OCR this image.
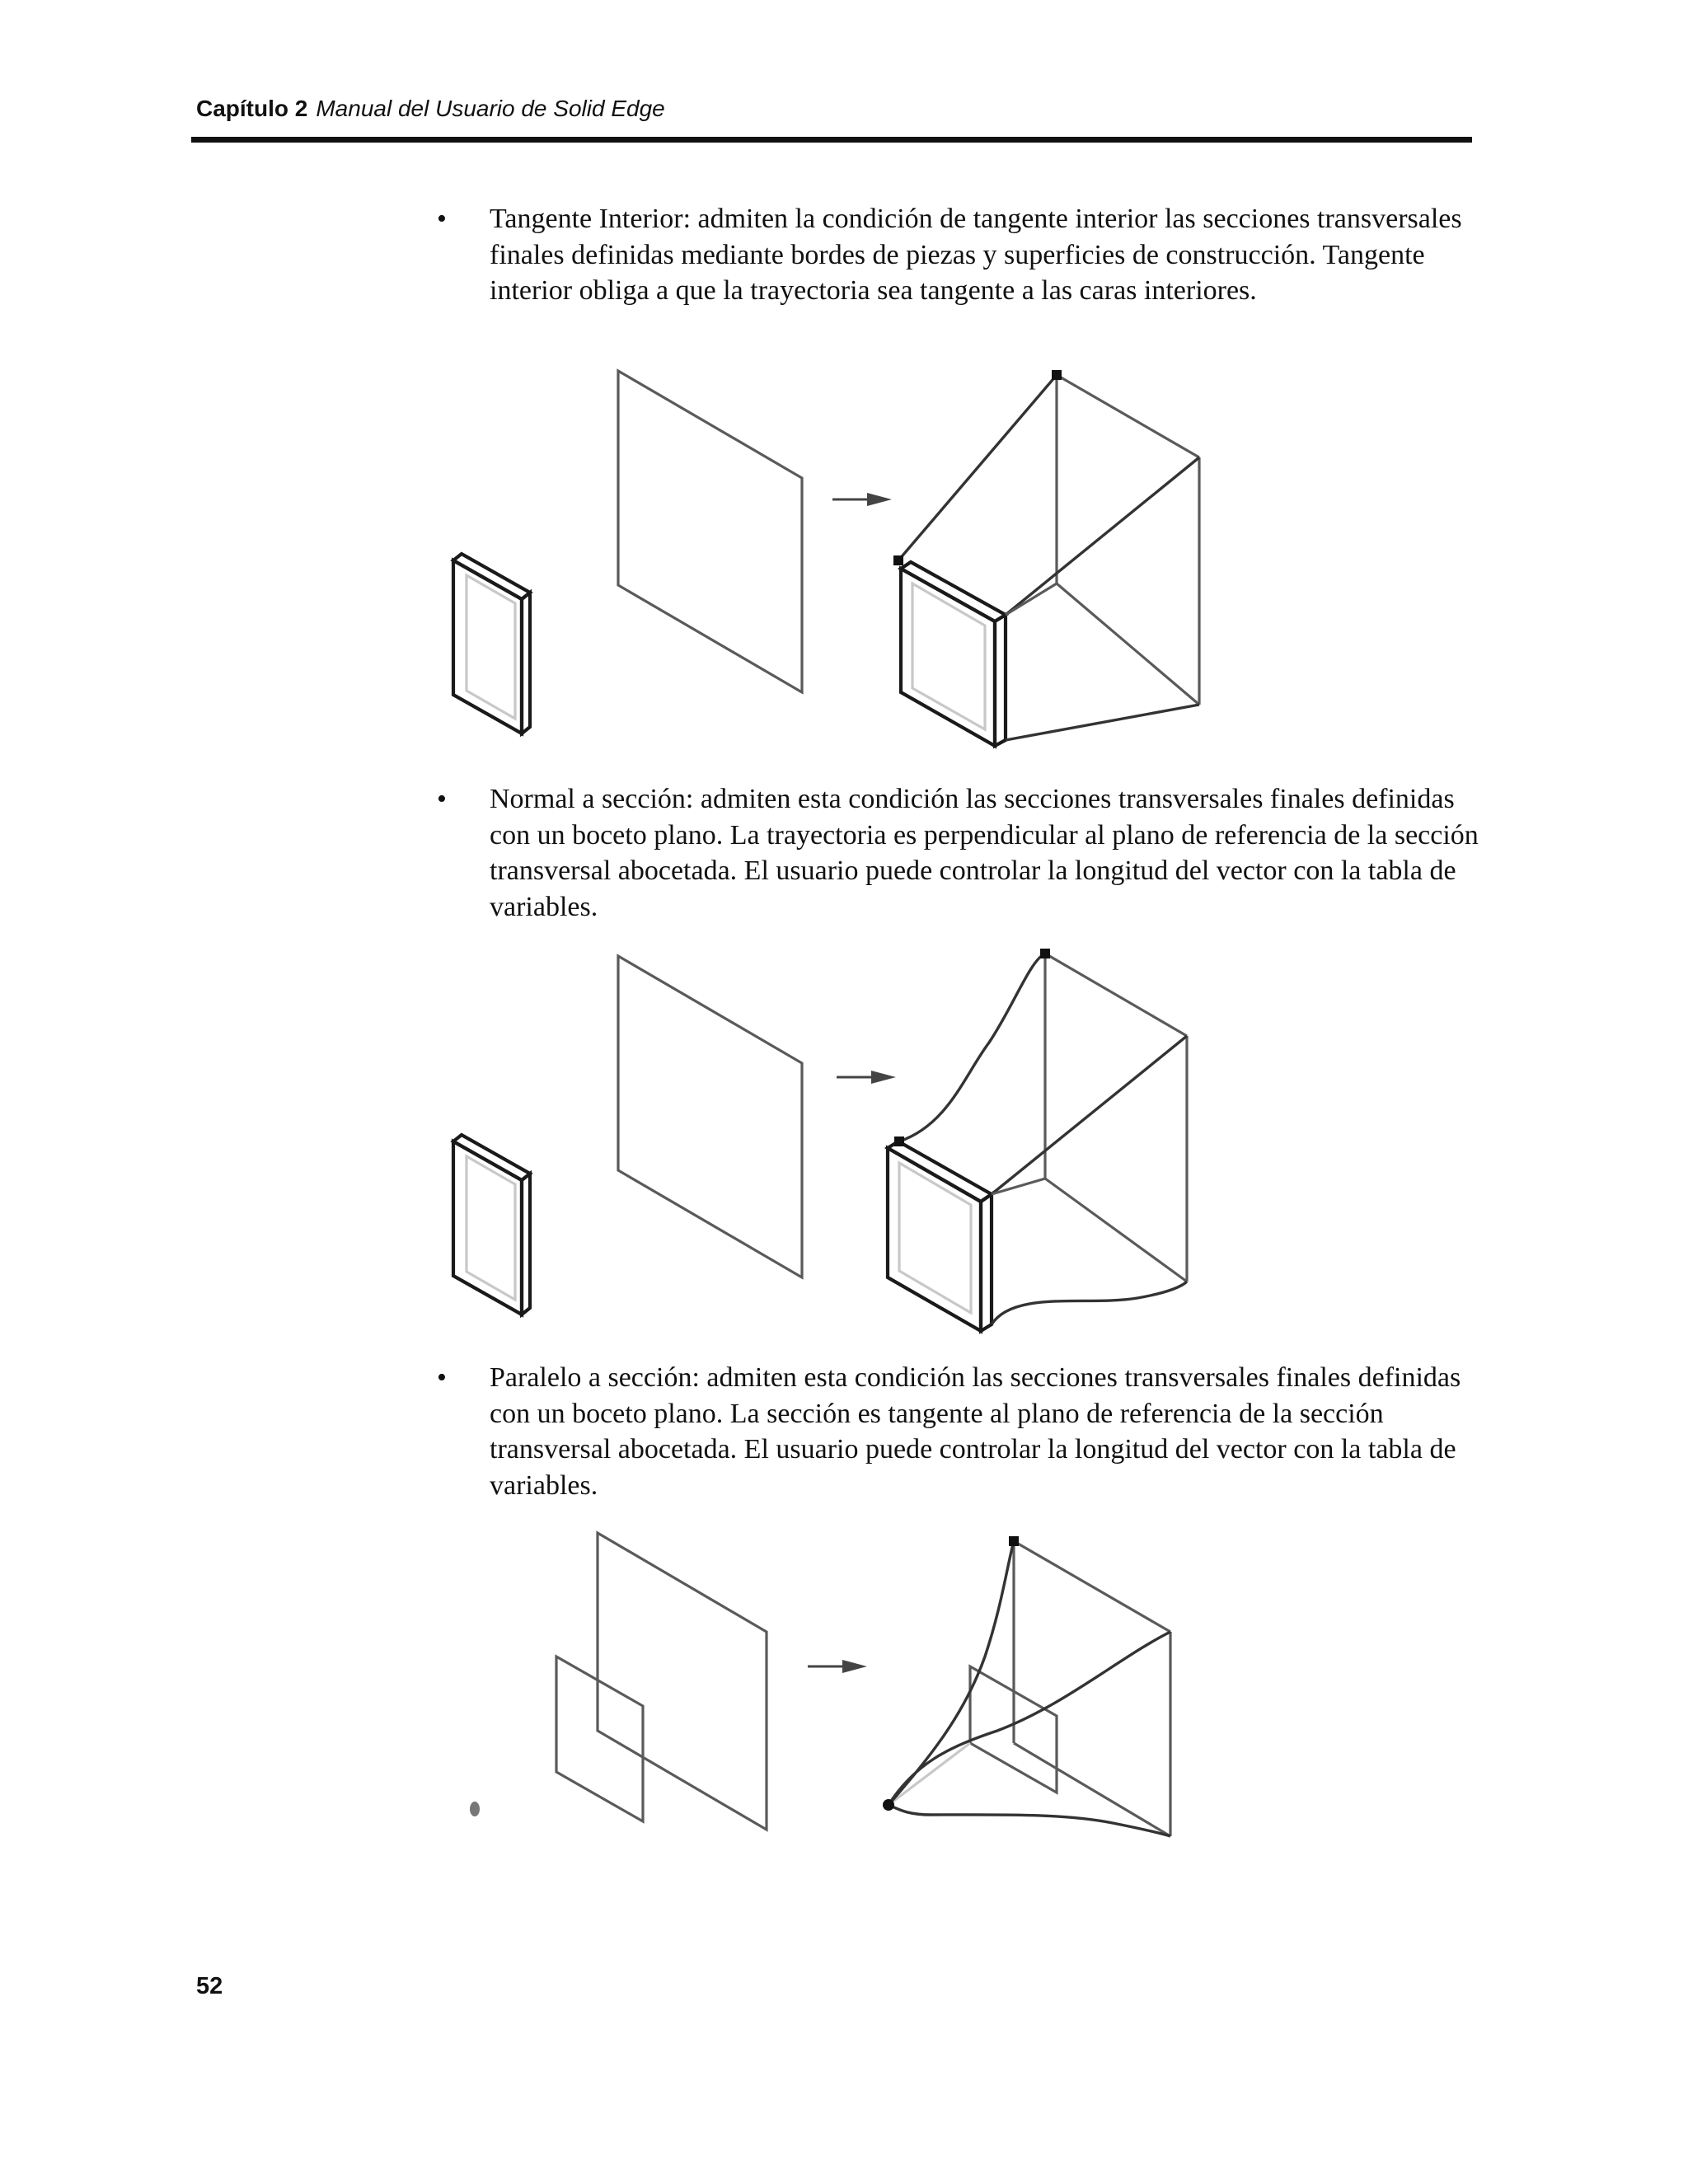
Capítulo 2 Manual del Usuario de Solid Edge
•	Tangente Interior: admiten la condición de tangente interior las secciones transversales finales definidas mediante bordes de piezas y superficies de construcción. Tangente interior obliga a que la trayectoria sea tangente a las caras interiores.
•	Normal a sección: admiten esta condición las secciones transversales finales definidas con un boceto plano. La trayectoria es perpendicular al plano de referencia de la sección transversal abocetada. El usuario puede controlar la longitud del vector con la tabla de variables.
•	Paralelo a sección: admiten esta condición las secciones transversales finales definidas con un boceto plano. La sección es tangente al plano de referencia de la sección transversal abocetada. El usuario puede controlar la longitud del vector con la tabla de variables.
52
